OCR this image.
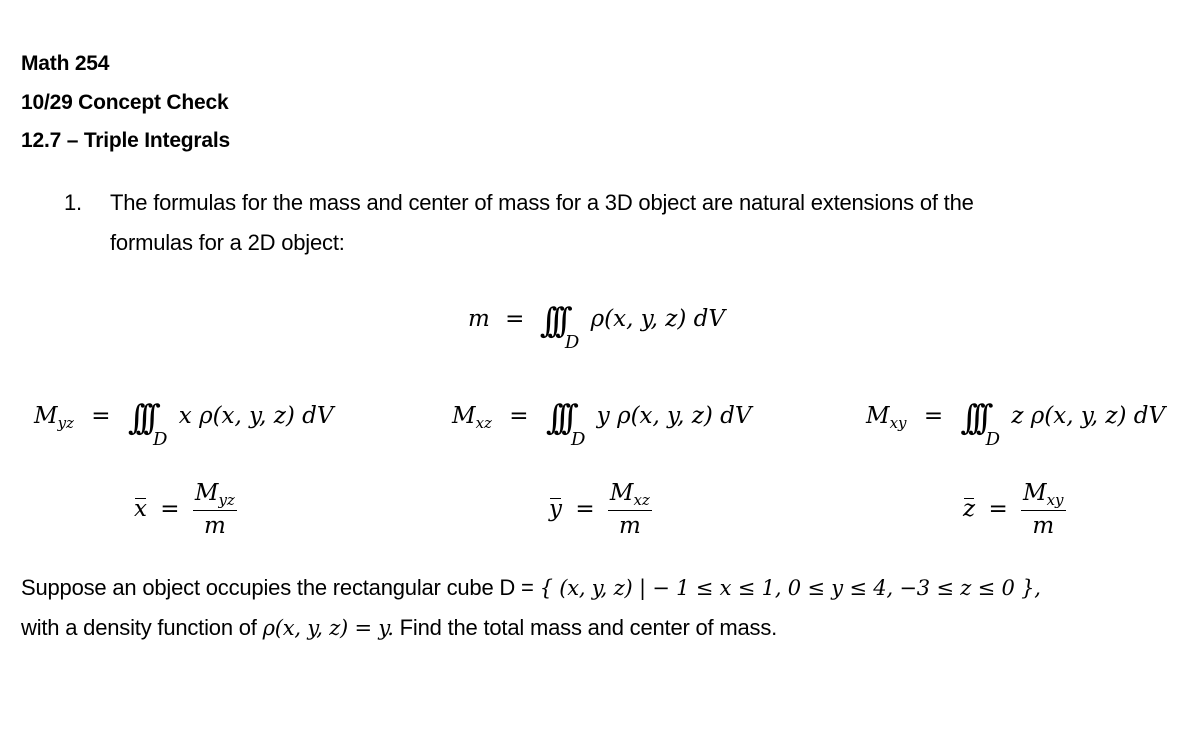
Math 254
10/29 Concept Check
12.7 – Triple Integrals
1. The formulas for the mass and center of mass for a 3D object are natural extensions of the
formulas for a 2D object:
$m = \int\int\int_D$ ρ(x, y, z) dV
$M_{yz} = \int\int\int_D$ x ρ(x, y, z) dV	$M_{xz} = \int\int\int_D$ y ρ(x, y, z) dV	$M_{xy} = \int\int\int_D$ z ρ(x, y, z) dV
$x = \frac{M_{yz}}{m}$	$y = \frac{M_{xz}}{m}$	$z = \frac{M_{xy}}{m}$
Suppose an object occupies the rectangular cube D = { (x, y, z) | − 1 ≤ x ≤ 1, 0 ≤ y ≤ 4, −3 ≤ z ≤ 0 },
with a density function of ρ(x, y, z) = y. Find the total mass and center of mass.
